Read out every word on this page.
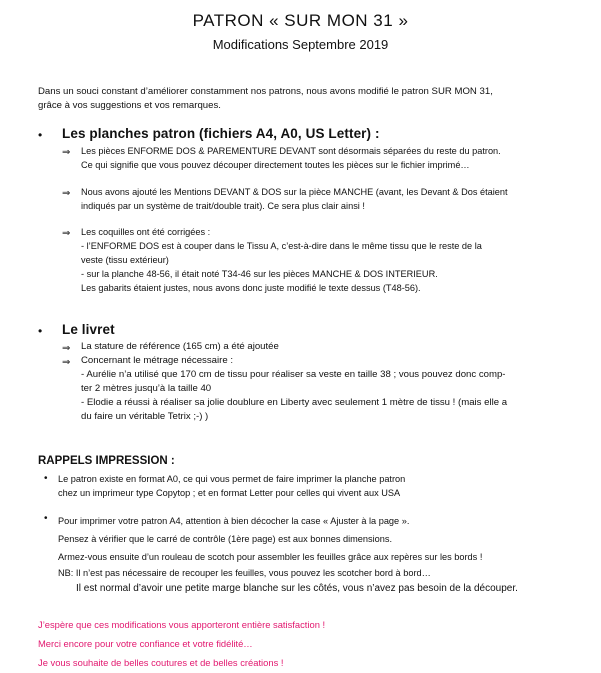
PATRON « SUR MON 31 »
Modifications Septembre 2019
Dans un souci constant d’améliorer constamment nos patrons, nous avons modifié le patron SUR MON 31,
grâce à vos suggestions et vos remarques.
• Les planches patron (fichiers A4, A0, US Letter) :
⇒ Les pièces ENFORME DOS & PAREMENTURE DEVANT sont désormais séparées du reste du patron.
Ce qui signifie que vous pouvez découper directement toutes les pièces sur le fichier imprimé…
⇒ Nous avons ajouté les Mentions DEVANT & DOS sur la pièce MANCHE (avant, les Devant & Dos étaient
indiqués par un système de trait/double trait). Ce sera plus clair ainsi !
⇒ Les coquilles ont été corrigées :
- l’ENFORME DOS est à couper dans le Tissu A, c’est-à-dire dans le même tissu que le reste de la
veste (tissu extérieur)
- sur la planche 48-56, il était noté T34-46 sur les pièces MANCHE & DOS INTERIEUR.
Les gabarits étaient justes, nous avons donc juste modifié le texte dessus (T48-56).
• Le livret
⇒ La stature de référence (165 cm) a été ajoutée
⇒ Concernant le métrage nécessaire :
- Aurélie n’a utilisé que 170 cm de tissu pour réaliser sa veste en taille 38 ; vous pouvez donc comp-
ter 2 mètres jusqu’à la taille 40
- Elodie a réussi à réaliser sa jolie doublure en Liberty avec seulement 1 mètre de tissu ! (mais elle a
du faire un véritable Tetrix ;-) )
RAPPELS IMPRESSION :
• Le patron existe en format A0, ce qui vous permet de faire imprimer la planche patron
chez un imprimeur type Copytop ; et en format Letter pour celles qui vivent aux USA
• Pour imprimer votre patron A4, attention à bien décocher la case « Ajuster à la page ».
Pensez à vérifier que le carré de contrôle (1ère page) est aux bonnes dimensions.
Armez-vous ensuite d’un rouleau de scotch pour assembler les feuilles grâce aux repères sur les bords !
NB: Il n’est pas nécessaire de recouper les feuilles, vous pouvez les scotcher bord à bord…
Il est normal d’avoir une petite marge blanche sur les côtés, vous n’avez pas besoin de la découper.
J’espère que ces modifications vous apporteront entière satisfaction !
Merci encore pour votre confiance et votre fidélité…
Je vous souhaite de belles coutures et de belles créations !
